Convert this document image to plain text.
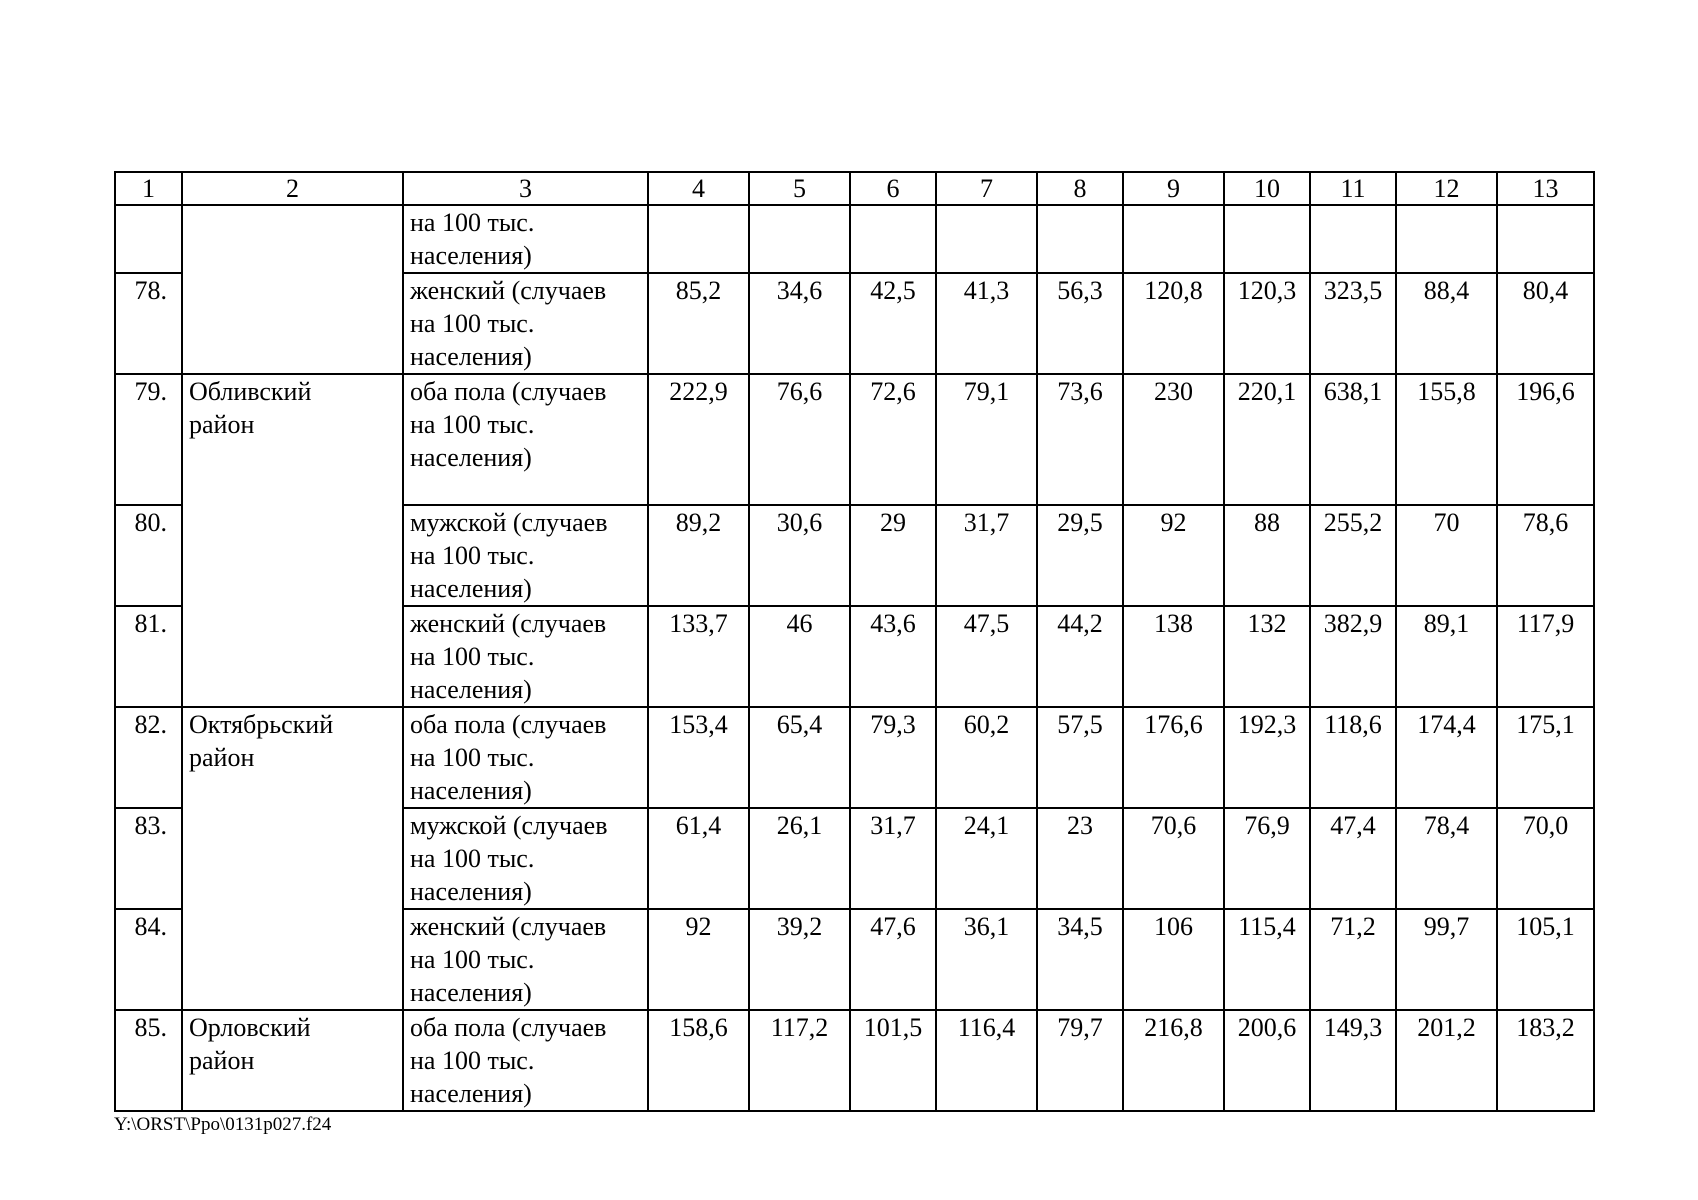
1	2	3	4	5	6	7	8	9	10	11	12	13
		на 100 тыс.
населения)										
78.		женский (случаев
на 100 тыс.
населения)	85,2	34,6	42,5	41,3	56,3	120,8	120,3	323,5	88,4	80,4
79.	Обливский
район	оба пола (случаев
на 100 тыс.
населения)	222,9	76,6	72,6	79,1	73,6	230	220,1	638,1	155,8	196,6
80.		мужской (случаев
на 100 тыс.
населения)	89,2	30,6	29	31,7	29,5	92	88	255,2	70	78,6
81.		женский (случаев
на 100 тыс.
населения)	133,7	46	43,6	47,5	44,2	138	132	382,9	89,1	117,9
82.	Октябрьский
район	оба пола (случаев
на 100 тыс.
населения)	153,4	65,4	79,3	60,2	57,5	176,6	192,3	118,6	174,4	175,1
83.		мужской (случаев
на 100 тыс.
населения)	61,4	26,1	31,7	24,1	23	70,6	76,9	47,4	78,4	70,0
84.		женский (случаев
на 100 тыс.
населения)	92	39,2	47,6	36,1	34,5	106	115,4	71,2	99,7	105,1
85.	Орловский
район	оба пола (случаев
на 100 тыс.
населения)	158,6	117,2	101,5	116,4	79,7	216,8	200,6	149,3	201,2	183,2
Y:\ORST\Ppo\0131p027.f24
